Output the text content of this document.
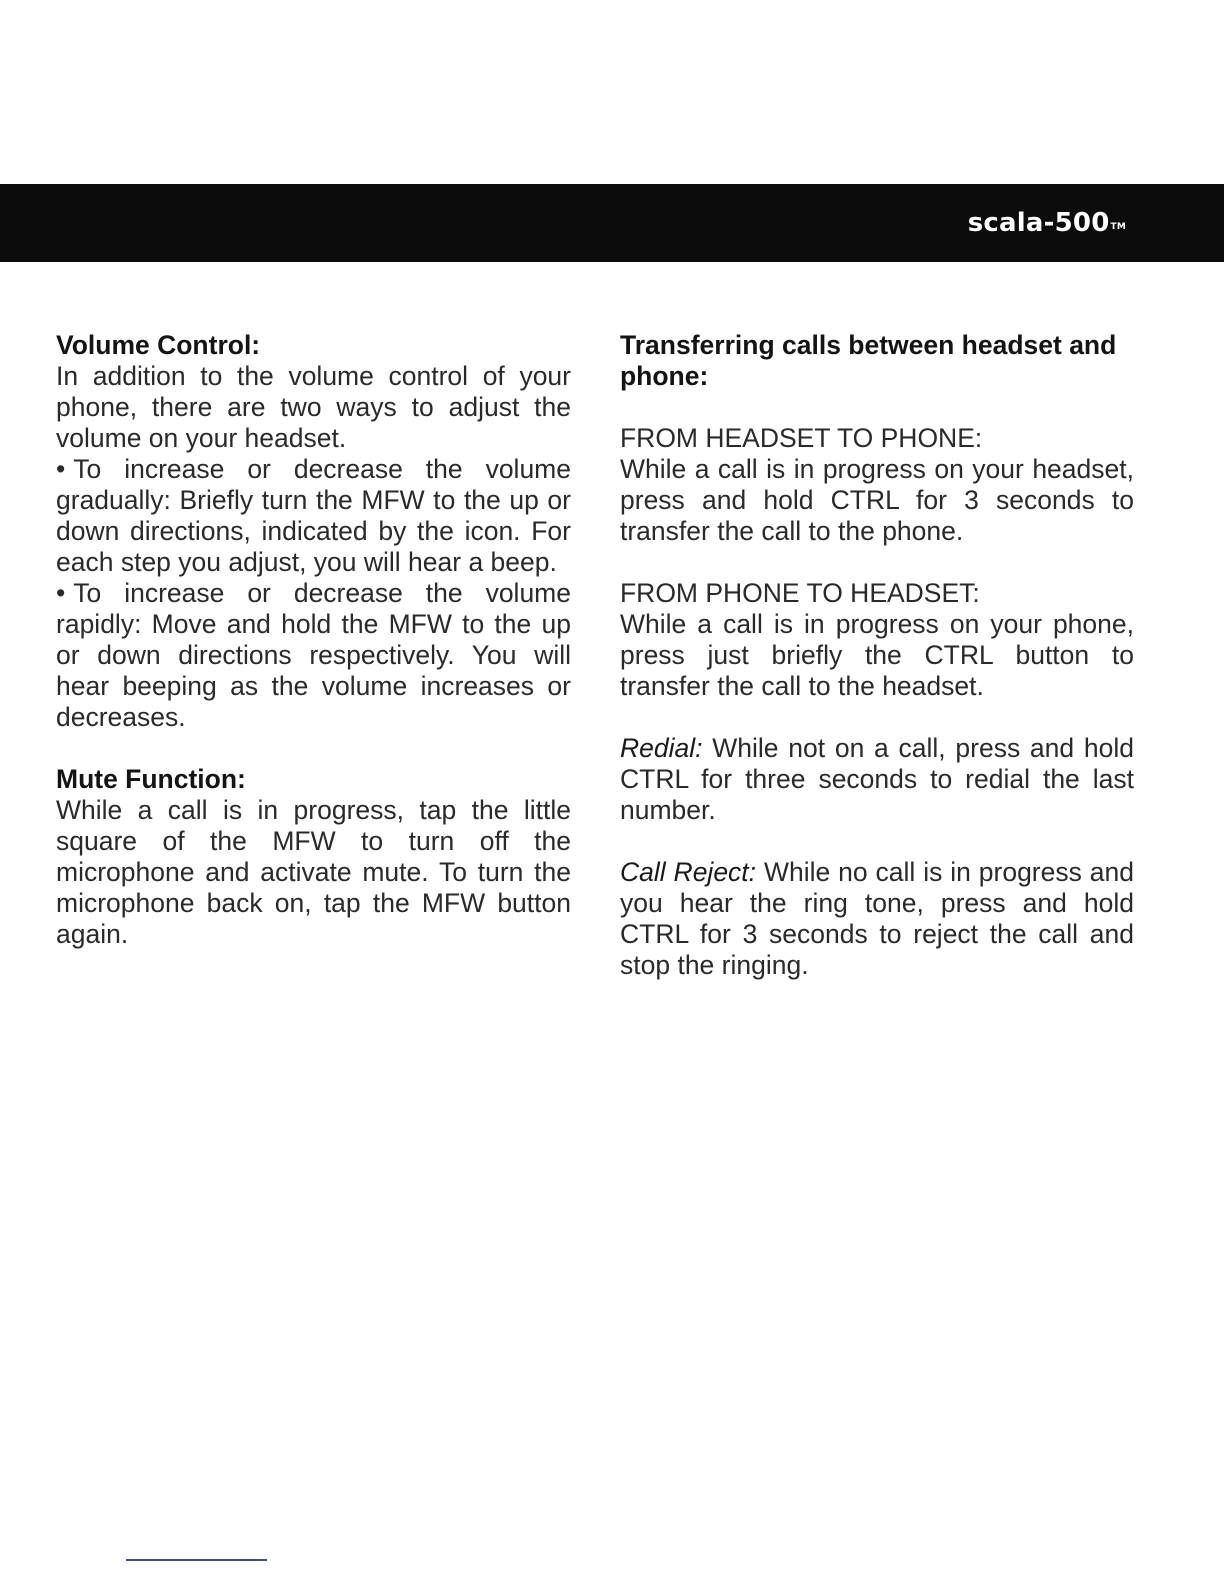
scala-500™
Volume Control:

In addition to the volume control of your phone, there are two ways to adjust the volume on your headset.

• To increase or decrease the volume gradually: Briefly turn the MFW to the up or down directions, indicated by the icon. For each step you adjust, you will hear a beep.

• To increase or decrease the volume rapidly: Move and hold the MFW to the up or down directions respectively. You will hear beeping as the volume increases or decreases.

Mute Function:

While a call is in progress, tap the little square of the MFW to turn off the microphone and activate mute. To turn the microphone back on, tap the MFW button again.

Transferring calls between headset and phone:

FROM HEADSET TO PHONE:

While a call is in progress on your headset, press and hold CTRL for 3 seconds to transfer the call to the phone.

FROM PHONE TO HEADSET:

While a call is in progress on your phone, press just briefly the CTRL button to transfer the call to the headset.

Redial: While not on a call, press and hold CTRL for three seconds to redial the last number.

Call Reject: While no call is in progress and you hear the ring tone, press and hold CTRL for 3 seconds to reject the call and stop the ringing.
